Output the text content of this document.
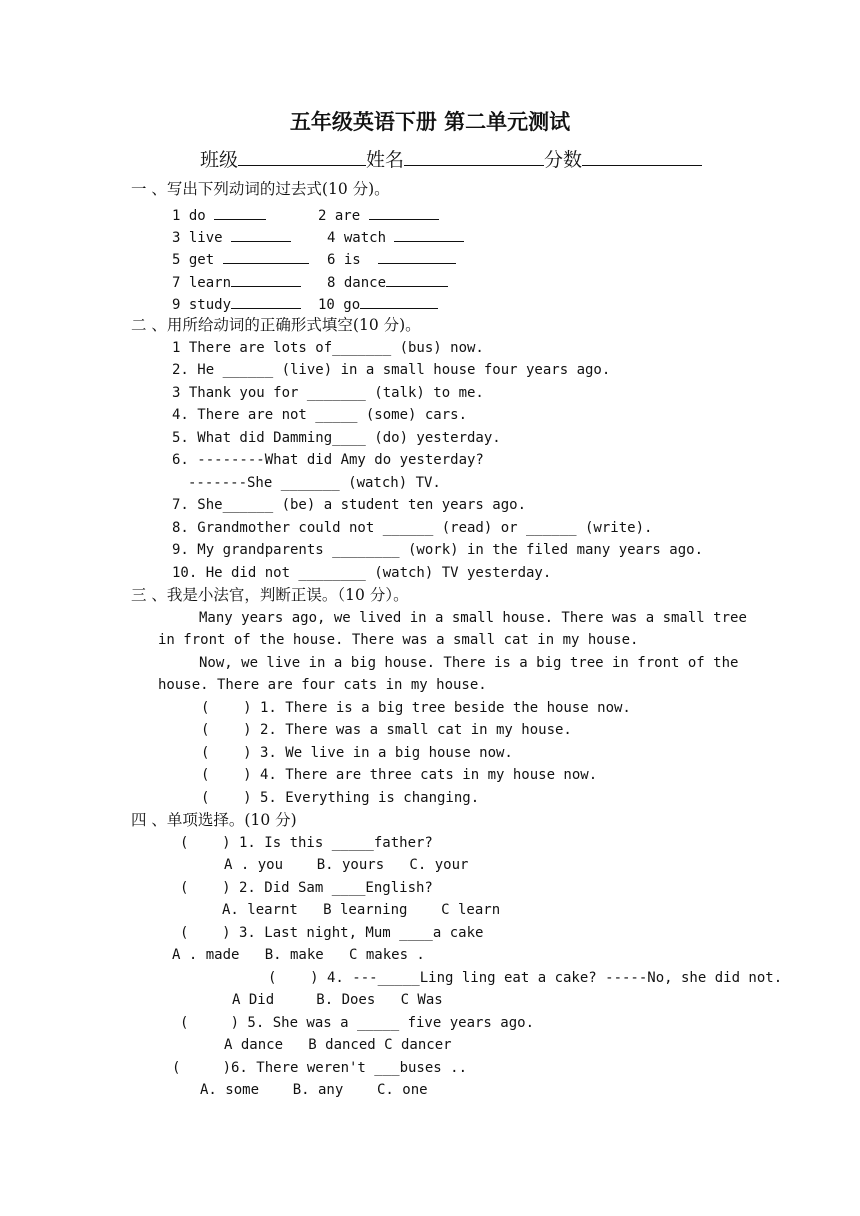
五年级英语下册 第二单元测试
班级	姓名	分数
一 、写出下列动词的过去式(10 分)。
1 do	2 are
3 live	4 watch
5 get	6 is
7 learn	8 dance
9 study	10 go
二 、用所给动词的正确形式填空(10 分)。
1 There are lots of_______ (bus) now.
2. He ______ (live) in a small house four years ago.
3 Thank you for _______ (talk) to me.
4. There are not _____ (some) cars.
5. What did Damming____ (do) yesterday.
6. --------What did Amy do yesterday?
-------She _______ (watch) TV.
7. She______ (be) a student ten years ago.
8. Grandmother could not ______ (read) or ______ (write).
9. My grandparents ________ (work) in the filed many years ago.
10. He did not ________ (watch) TV yesterday.
三 、我是小法官，判断正误。（10 分）。
Many years ago, we lived in a small house. There was a small tree
in front of the house. There was a small cat in my house.
Now, we live in a big house. There is a big tree in front of the
house. There are four cats in my house.
(    ) 1. There is a big tree beside the house now.
(    ) 2. There was a small cat in my house.
(    ) 3. We live in a big house now.
(    ) 4. There are three cats in my house now.
(    ) 5. Everything is changing.
四 、单项选择。(10 分)
(    ) 1. Is this _____father?
A . you    B. yours   C. your
(    ) 2. Did Sam ____English?
A. learnt   B learning    C learn
(    ) 3. Last night, Mum ____a cake
A . made   B. make   C makes .
(    ) 4. ---_____Ling ling eat a cake? -----No, she did not.
A Did     B. Does   C Was
(     ) 5. She was a _____ five years ago.
A dance   B danced C dancer
(     )6. There weren't ___buses ..
A. some    B. any    C. one
